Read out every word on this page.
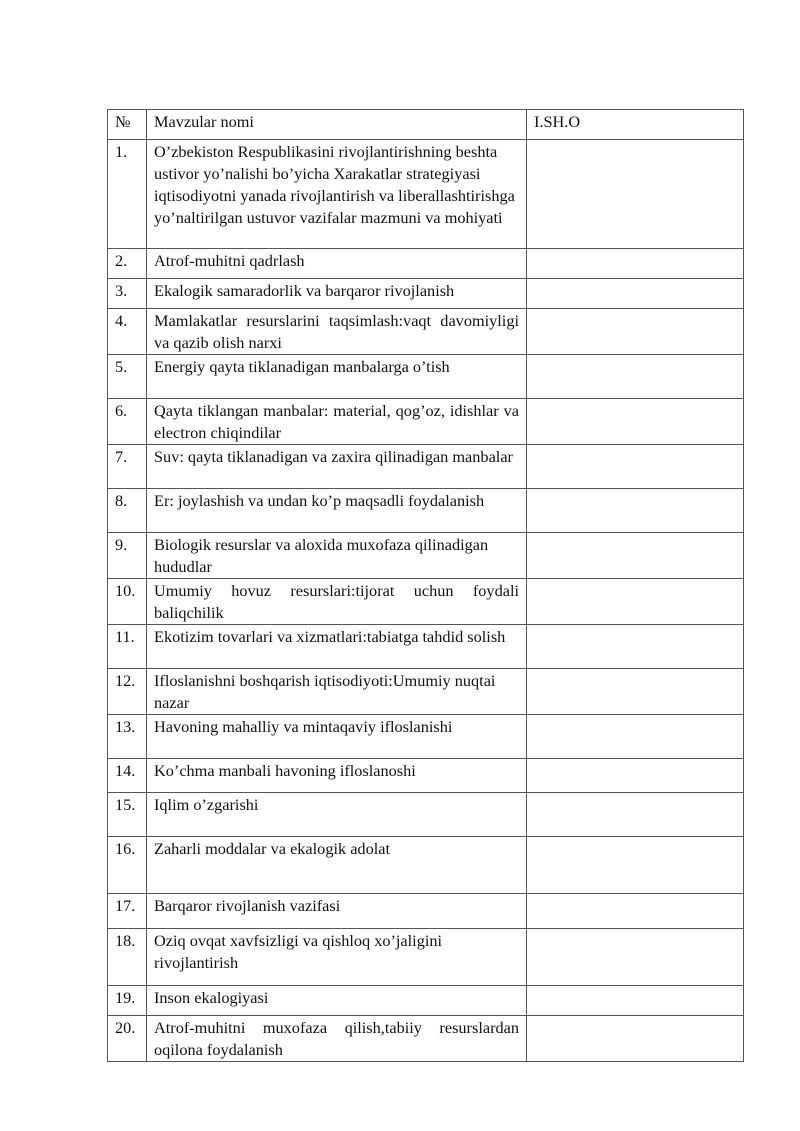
№	Mavzular nomi	I.SH.O
1.	O’zbekiston Respublikasini rivojlantirishning beshta ustivor yo’nalishi bo’yicha Xarakatlar strategiyasi iqtisodiyotni yanada rivojlantirish va liberallashtirishga yo’naltirilgan ustuvor vazifalar mazmuni va mohiyati	
2.	Atrof-muhitni qadrlash	
3.	Ekalogik samaradorlik va barqaror rivojlanish	
4.	Mamlakatlar resurslarini taqsimlash:vaqt davomiyligi va qazib olish narxi	
5.	Energiy qayta tiklanadigan manbalarga o’tish	
6.	Qayta tiklangan manbalar: material, qog’oz, idishlar va electron chiqindilar	
7.	Suv: qayta tiklanadigan va zaxira qilinadigan manbalar	
8.	Er: joylashish va undan ko’p maqsadli foydalanish	
9.	Biologik resurslar va aloxida muxofaza qilinadigan hududlar	
10.	Umumiy hovuz resurslari:tijorat uchun foydali baliqchilik	
11.	Ekotizim tovarlari va xizmatlari:tabiatga tahdid solish	
12.	Ifloslanishni boshqarish iqtisodiyoti:Umumiy nuqtai nazar	
13.	Havoning mahalliy va mintaqaviy ifloslanishi	
14.	Ko’chma manbali havoning ifloslanoshi	
15.	Iqlim o’zgarishi	
16.	Zaharli moddalar va ekalogik adolat	
17.	Barqaror rivojlanish vazifasi	
18.	Oziq ovqat xavfsizligi va qishloq xo’jaligini rivojlantirish	
19.	Inson ekalogiyasi	
20.	Atrof-muhitni muxofaza qilish,tabiiy resurslardan oqilona foydalanish	
